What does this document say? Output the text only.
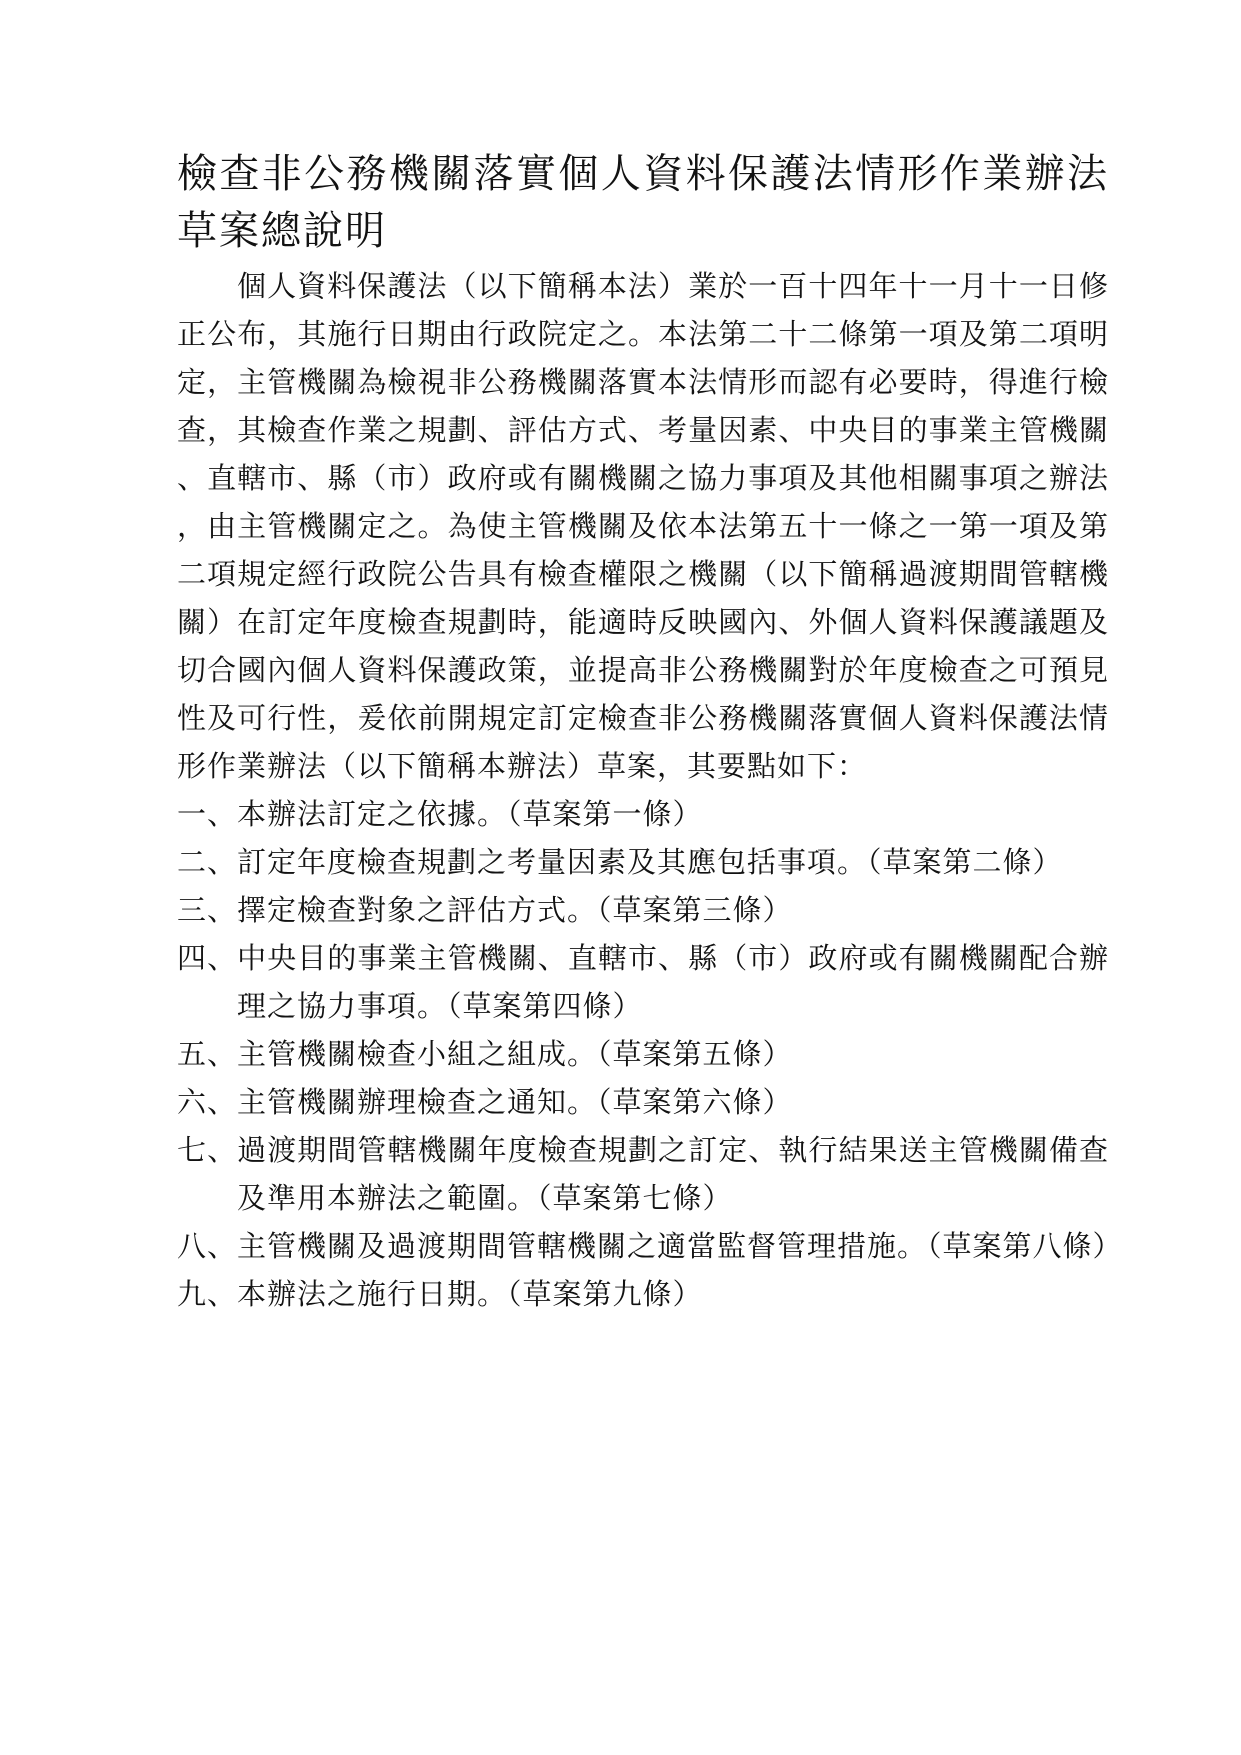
檢查非公務機關落實個人資料保護法情形作業辦法
草案總說明
個人資料保護法（以下簡稱本法）業於一百十四年十一月十一日修
正公布，其施行日期由行政院定之。本法第二十二條第一項及第二項明
定，主管機關為檢視非公務機關落實本法情形而認有必要時，得進行檢
查，其檢查作業之規劃、評估方式、考量因素、中央目的事業主管機關
、直轄市、縣（市）政府或有關機關之協力事項及其他相關事項之辦法
，由主管機關定之。為使主管機關及依本法第五十一條之一第一項及第
二項規定經行政院公告具有檢查權限之機關（以下簡稱過渡期間管轄機
關）在訂定年度檢查規劃時，能適時反映國內、外個人資料保護議題及
切合國內個人資料保護政策，並提高非公務機關對於年度檢查之可預見
性及可行性，爰依前開規定訂定檢查非公務機關落實個人資料保護法情
形作業辦法（以下簡稱本辦法）草案，其要點如下：
一、本辦法訂定之依據。（草案第一條）
二、訂定年度檢查規劃之考量因素及其應包括事項。（草案第二條）
三、擇定檢查對象之評估方式。（草案第三條）
四、中央目的事業主管機關、直轄市、縣（市）政府或有關機關配合辦
理之協力事項。（草案第四條）
五、主管機關檢查小組之組成。（草案第五條）
六、主管機關辦理檢查之通知。（草案第六條）
七、過渡期間管轄機關年度檢查規劃之訂定、執行結果送主管機關備查
及準用本辦法之範圍。（草案第七條）
八、主管機關及過渡期間管轄機關之適當監督管理措施。（草案第八條）
九、本辦法之施行日期。（草案第九條）
